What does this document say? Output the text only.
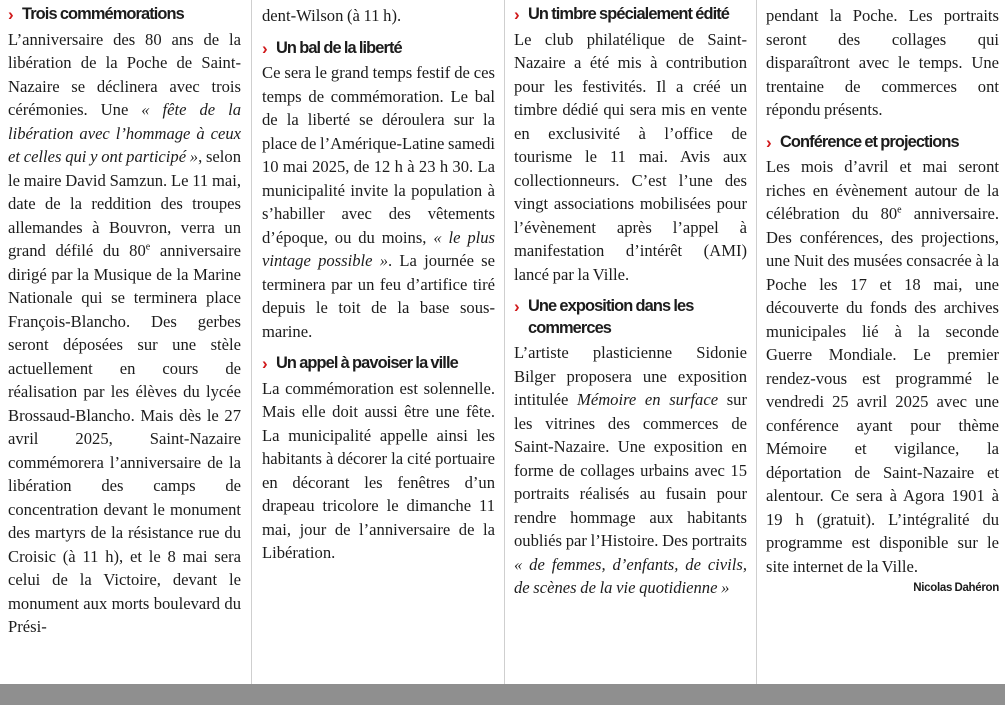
› Trois commémorations

L’anniversaire des 80 ans de la libération de la Poche de Saint-Nazaire se déclinera avec trois cérémonies. Une « fête de la libération avec l’hommage à ceux et celles qui y ont participé », selon le maire David Samzun. Le 11 mai, date de la reddition des troupes allemandes à Bouvron, verra un grand défilé du 80e anniversaire dirigé par la Musique de la Marine Nationale qui se terminera place François-Blancho. Des gerbes seront déposées sur une stèle actuellement en cours de réalisation par les élèves du lycée Brossaud-Blancho. Mais dès le 27 avril 2025, Saint-Nazaire commémorera l’anniversaire de la libération des camps de concentration devant le monument des martyrs de la résistance rue du Croisic (à 11 h), et le 8 mai sera celui de la Victoire, devant le monument aux morts boulevard du Prési-

dent-Wilson (à 11 h).

› Un bal de la liberté

Ce sera le grand temps festif de ces temps de commémoration. Le bal de la liberté se déroulera sur la place de l’Amérique-Latine samedi 10 mai 2025, de 12 h à 23 h 30. La municipalité invite la population à s’habiller avec des vêtements d’époque, ou du moins, « le plus vintage possible ». La journée se terminera par un feu d’artifice tiré depuis le toit de la base sous-marine.

› Un appel à pavoiser la ville

La commémoration est solennelle. Mais elle doit aussi être une fête. La municipalité appelle ainsi les habitants à décorer la cité portuaire en décorant les fenêtres d’un drapeau tricolore le dimanche 11 mai, jour de l’anniversaire de la Libération.

› Un timbre spécialement édité

Le club philatélique de Saint-Nazaire a été mis à contribution pour les festivités. Il a créé un timbre dédié qui sera mis en vente en exclusivité à l’office de tourisme le 11 mai. Avis aux collectionneurs. C’est l’une des vingt associations mobilisées pour l’évènement après l’appel à manifestation d’intérêt (AMI) lancé par la Ville.

› Une exposition dans les commerces

L’artiste plasticienne Sidonie Bilger proposera une exposition intitulée Mémoire en surface sur les vitrines des commerces de Saint-Nazaire. Une exposition en forme de collages urbains avec 15 portraits réalisés au fusain pour rendre hommage aux habitants oubliés par l’Histoire. Des portraits « de femmes, d’enfants, de civils, de scènes de la vie quotidienne »

pendant la Poche. Les portraits seront des collages qui disparaîtront avec le temps. Une trentaine de commerces ont répondu présents.

› Conférence et projections

Les mois d’avril et mai seront riches en évènement autour de la célébration du 80e anniversaire. Des conférences, des projections, une Nuit des musées consacrée à la Poche les 17 et 18 mai, une découverte du fonds des archives municipales lié à la seconde Guerre Mondiale. Le premier rendez-vous est programmé le vendredi 25 avril 2025 avec une conférence ayant pour thème Mémoire et vigilance, la déportation de Saint-Nazaire et alentour. Ce sera à Agora 1901 à 19 h (gratuit). L’intégralité du programme est disponible sur le site internet de la Ville.

Nicolas Dahéron
